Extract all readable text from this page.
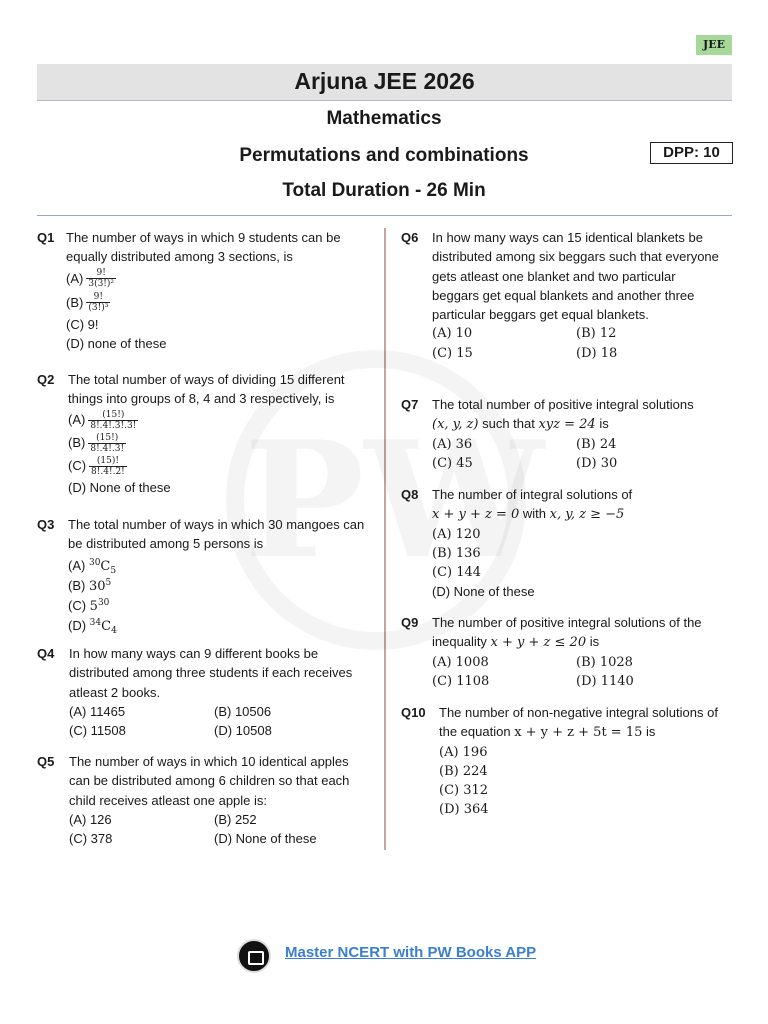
JEE
Arjuna JEE 2026
Mathematics
Permutations and combinations
Total Duration - 26 Min
DPP: 10
Q1 The number of ways in which 9 students can be equally distributed among 3 sections, is
$(A) \frac{9!}{\text{3(3!)²}}$
$(B) \frac{9!}{\text{(3!)³}}$
(C) 9!
(D) none of these
Q2 The total number of ways of dividing 15 different things into groups of 8, 4 and 3 respectively, is
$(A) \frac{(15!)}{8!.4!.3!.3!}$
$(B) \frac{(15!)}{8!.4!.3!}$
$(C) \frac{(15)!}{8!.4!.2!}$
(D) None of these
Q3 The total number of ways in which 30 mangoes can be distributed among 5 persons is
(A) $^{30}C_5$
(B) $30^5$
(C) $5^{30}$
(D) $^{34}C_4$
Q4 In how many ways can 9 different books be distributed among three students if each receives atleast 2 books.
(A) 11465	(B) 10506
(C) 11508	(D) 10508
Q5 The number of ways in which 10 identical apples can be distributed among 6 children so that each child receives atleast one apple is:
(A) 126	(B) 252
(C) 378	(D) None of these
Q6 In how many ways can 15 identical blankets be distributed among six beggars such that everyone gets atleast one blanket and two particular beggars get equal blankets and another three particular beggars get equal blankets.
(A) 10	(B) 12
(C) 15	(D) 18
Q7 The total number of positive integral solutions
(x, y, z) such that xyz = 24 is
(A) 36	(B) 24
(C) 45	(D) 30
Q8 The number of integral solutions of
x + y + z = 0 with x, y, z ≥ −5
(A) 120
(B) 136
(C) 144
(D) None of these
Q9 The number of positive integral solutions of the
inequality x + y + z ≤ 20 is
(A) 1008	(B) 1028
(C) 1108	(D) 1140
Q10 The number of non-negative integral solutions of
the equation x + y + z + 5t = 15 is
(A) 196
(B) 224
(C) 312
(D) 364
Master NCERT with PW Books APP
